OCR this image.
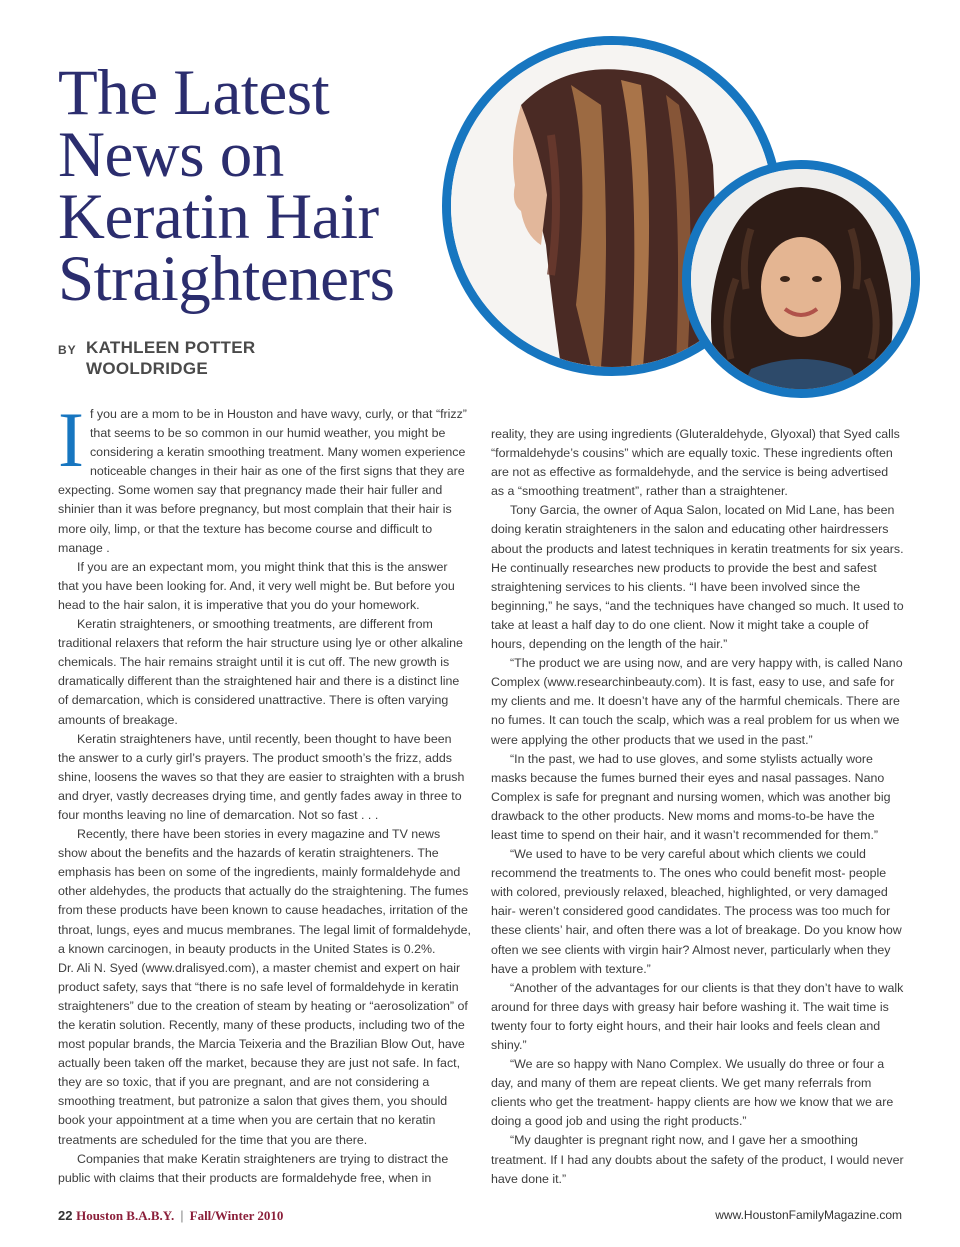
The Latest
News on
Keratin Hair
Straighteners
BY KATHLEEN POTTER WOOLDRIDGE

If you are a mom to be in Houston and have wavy, curly, or that “frizz” that seems to be so common in our humid weather, you might be considering a keratin smoothing treatment. Many women experience noticeable changes in their hair as one of the first signs that they are expecting. Some women say that pregnancy made their hair fuller and shinier than it was before pregnancy, but most complain that their hair is more oily, limp, or that the texture has become course and difficult to manage .

If you are an expectant mom, you might think that this is the answer that you have been looking for. And, it very well might be. But before you head to the hair salon, it is imperative that you do your homework.

Keratin straighteners, or smoothing treatments, are different from traditional relaxers that reform the hair structure using lye or other alkaline chemicals. The hair remains straight until it is cut off. The new growth is dramatically different than the straightened hair and there is a distinct line of demarcation, which is considered unattractive. There is often varying amounts of breakage.

Keratin straighteners have, until recently, been thought to have been the answer to a curly girl’s prayers. The product smooth’s the frizz, adds shine, loosens the waves so that they are easier to straighten with a brush and dryer, vastly decreases drying time, and gently fades away in three to four months leaving no line of demarcation. Not so fast . . .

Recently, there have been stories in every magazine and TV news show about the benefits and the hazards of keratin straighteners. The emphasis has been on some of the ingredients, mainly formaldehyde and other aldehydes, the products that actually do the straightening. The fumes from these products have been known to cause headaches, irritation of the throat, lungs, eyes and mucus membranes. The legal limit of formaldehyde, a known carcinogen, in beauty products in the United States is 0.2%.

Dr. Ali N. Syed (www.dralisyed.com), a master chemist and expert on hair product safety, says that “there is no safe level of formaldehyde in keratin straighteners” due to the creation of steam by heating or “aerosolization” of the keratin solution. Recently, many of these products, including two of the most popular brands, the Marcia Teixeria and the Brazilian Blow Out, have actually been taken off the market, because they are just not safe. In fact, they are so toxic, that if you are pregnant, and are not considering a smoothing treatment, but patronize a salon that gives them, you should book your appointment at a time when you are certain that no keratin treatments are scheduled for the time that you are there.

Companies that make Keratin straighteners are trying to distract the public with claims that their products are formaldehyde free, when in

reality, they are using ingredients (Gluteraldehyde, Glyoxal) that Syed calls “formaldehyde’s cousins” which are equally toxic. These ingredients often are not as effective as formaldehyde, and the service is being advertised as a “smoothing treatment”, rather than a straightener.

Tony Garcia, the owner of Aqua Salon, located on Mid Lane, has been doing keratin straighteners in the salon and educating other hairdressers about the products and latest techniques in keratin treatments for six years. He continually researches new products to provide the best and safest straightening services to his clients. “I have been involved since the beginning,” he says, “and the techniques have changed so much. It used to take at least a half day to do one client. Now it might take a couple of hours, depending on the length of the hair.”

“The product we are using now, and are very happy with, is called Nano Complex (www.researchinbeauty.com). It is fast, easy to use, and safe for my clients and me. It doesn’t have any of the harmful chemicals. There are no fumes. It can touch the scalp, which was a real problem for us when we were applying the other products that we used in the past.”

“In the past, we had to use gloves, and some stylists actually wore masks because the fumes burned their eyes and nasal passages. Nano Complex is safe for pregnant and nursing women, which was another big drawback to the other products. New moms and moms-to-be have the least time to spend on their hair, and it wasn’t recommended for them.”

“We used to have to be very careful about which clients we could recommend the treatments to. The ones who could benefit most- people with colored, previously relaxed, bleached, highlighted, or very damaged hair- weren’t considered good candidates. The process was too much for these clients’ hair, and often there was a lot of breakage. Do you know how often we see clients with virgin hair? Almost never, particularly when they have a problem with texture.”

“Another of the advantages for our clients is that they don’t have to walk around for three days with greasy hair before washing it. The wait time is twenty four to forty eight hours, and their hair looks and feels clean and shiny.”

“We are so happy with Nano Complex. We usually do three or four a day, and many of them are repeat clients. We get many referrals from clients who get the treatment- happy clients are how we know that we are doing a good job and using the right products.”

“My daughter is pregnant right now, and I gave her a smoothing treatment. If I had any doubts about the safety of the product, I would never have done it.”

22 Houston B.A.B.Y. | Fall/Winter 2010	www.HoustonFamilyMagazine.com
